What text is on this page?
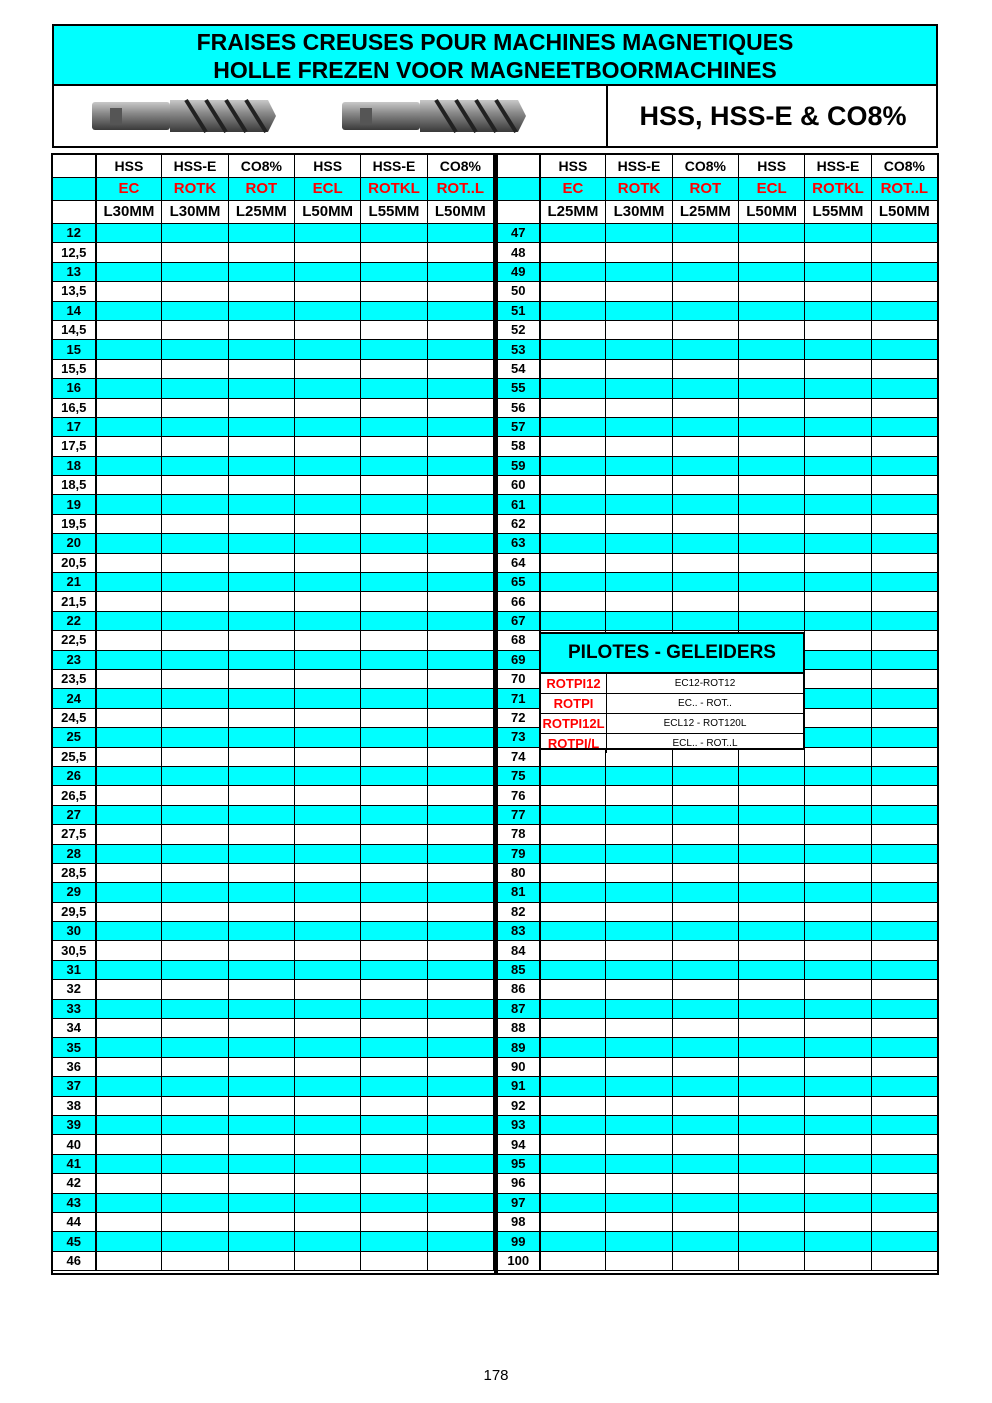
FRAISES CREUSES POUR MACHINES MAGNETIQUES
HOLLE FREZEN VOOR MAGNEETBOORMACHINES
HSS, HSS-E & CO8%
	HSS	HSS-E	CO8%	HSS	HSS-E	CO8%
	EC	ROTK	ROT	ECL	ROTKL	ROT..L
	L30MM	L30MM	L25MM	L50MM	L55MM	L50MM
12						
12,5						
13						
13,5						
14						
14,5						
15						
15,5						
16						
16,5						
17						
17,5						
18						
18,5						
19						
19,5						
20						
20,5						
21						
21,5						
22						
22,5						
23						
23,5						
24						
24,5						
25						
25,5						
26						
26,5						
27						
27,5						
28						
28,5						
29						
29,5						
30						
30,5						
31						
32						
33						
34						
35						
36						
37						
38						
39						
40						
41						
42						
43						
44						
45						
46						
	HSS	HSS-E	CO8%	HSS	HSS-E	CO8%
	EC	ROTK	ROT	ECL	ROTKL	ROT..L
	L25MM	L30MM	L25MM	L50MM	L55MM	L50MM
47						
48						
49						
50						
51						
52						
53						
54						
55						
56						
57						
58						
59						
60						
61						
62						
63						
64						
65						
66						
67						
68						
69						
70						
71						
72						
73						
74						
75						
76						
77						
78						
79						
80						
81						
82						
83						
84						
85						
86						
87						
88						
89						
90						
91						
92						
93						
94						
95						
96						
97						
98						
99						
100						
PILOTES - GELEIDERS
ROTPI12	EC12-ROT12
ROTPI	EC.. - ROT..
ROTPI12L	ECL12 - ROT120L
ROTPI/L	ECL.. - ROT..L
178
